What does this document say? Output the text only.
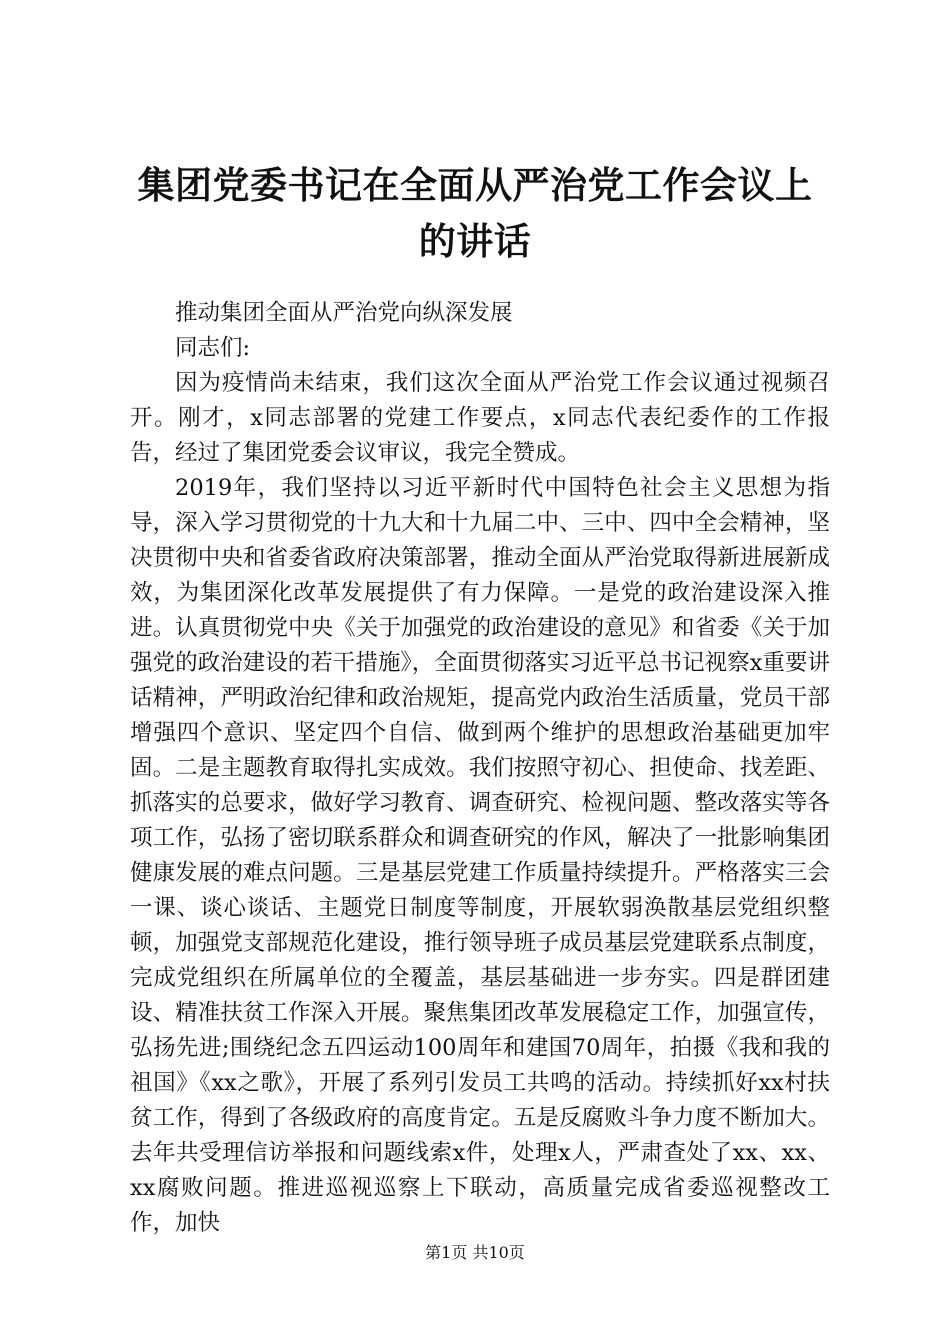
集团党委书记在全面从严治党工作会议上的讲话

推动集团全面从严治党向纵深发展

同志们:

因为疫情尚未结束，我们这次全面从严治党工作会议通过视频召开。刚才，x同志部署的党建工作要点，x同志代表纪委作的工作报告，经过了集团党委会议审议，我完全赞成。

2019年，我们坚持以习近平新时代中国特色社会主义思想为指导，深入学习贯彻党的十九大和十九届二中、三中、四中全会精神，坚决贯彻中央和省委省政府决策部署，推动全面从严治党取得新进展新成效，为集团深化改革发展提供了有力保障。一是党的政治建设深入推进。认真贯彻党中央《关于加强党的政治建设的意见》和省委《关于加强党的政治建设的若干措施》，全面贯彻落实习近平总书记视察x重要讲话精神，严明政治纪律和政治规矩，提高党内政治生活质量，党员干部增强四个意识、坚定四个自信、做到两个维护的思想政治基础更加牢固。二是主题教育取得扎实成效。我们按照守初心、担使命、找差距、抓落实的总要求，做好学习教育、调查研究、检视问题、整改落实等各项工作，弘扬了密切联系群众和调查研究的作风，解决了一批影响集团健康发展的难点问题。三是基层党建工作质量持续提升。严格落实三会一课、谈心谈话、主题党日制度等制度，开展软弱涣散基层党组织整顿，加强党支部规范化建设，推行领导班子成员基层党建联系点制度，完成党组织在所属单位的全覆盖，基层基础进一步夯实。四是群团建设、精准扶贫工作深入开展。聚焦集团改革发展稳定工作，加强宣传，弘扬先进;围绕纪念五四运动100周年和建国70周年，拍摄《我和我的祖国》《xx之歌》，开展了系列引发员工共鸣的活动。持续抓好xx村扶贫工作，得到了各级政府的高度肯定。五是反腐败斗争力度不断加大。去年共受理信访举报和问题线索x件，处理x人，严肃查处了xx、xx、xx腐败问题。推进巡视巡察上下联动，高质量完成省委巡视整改工作，加快

第1页 共10页
